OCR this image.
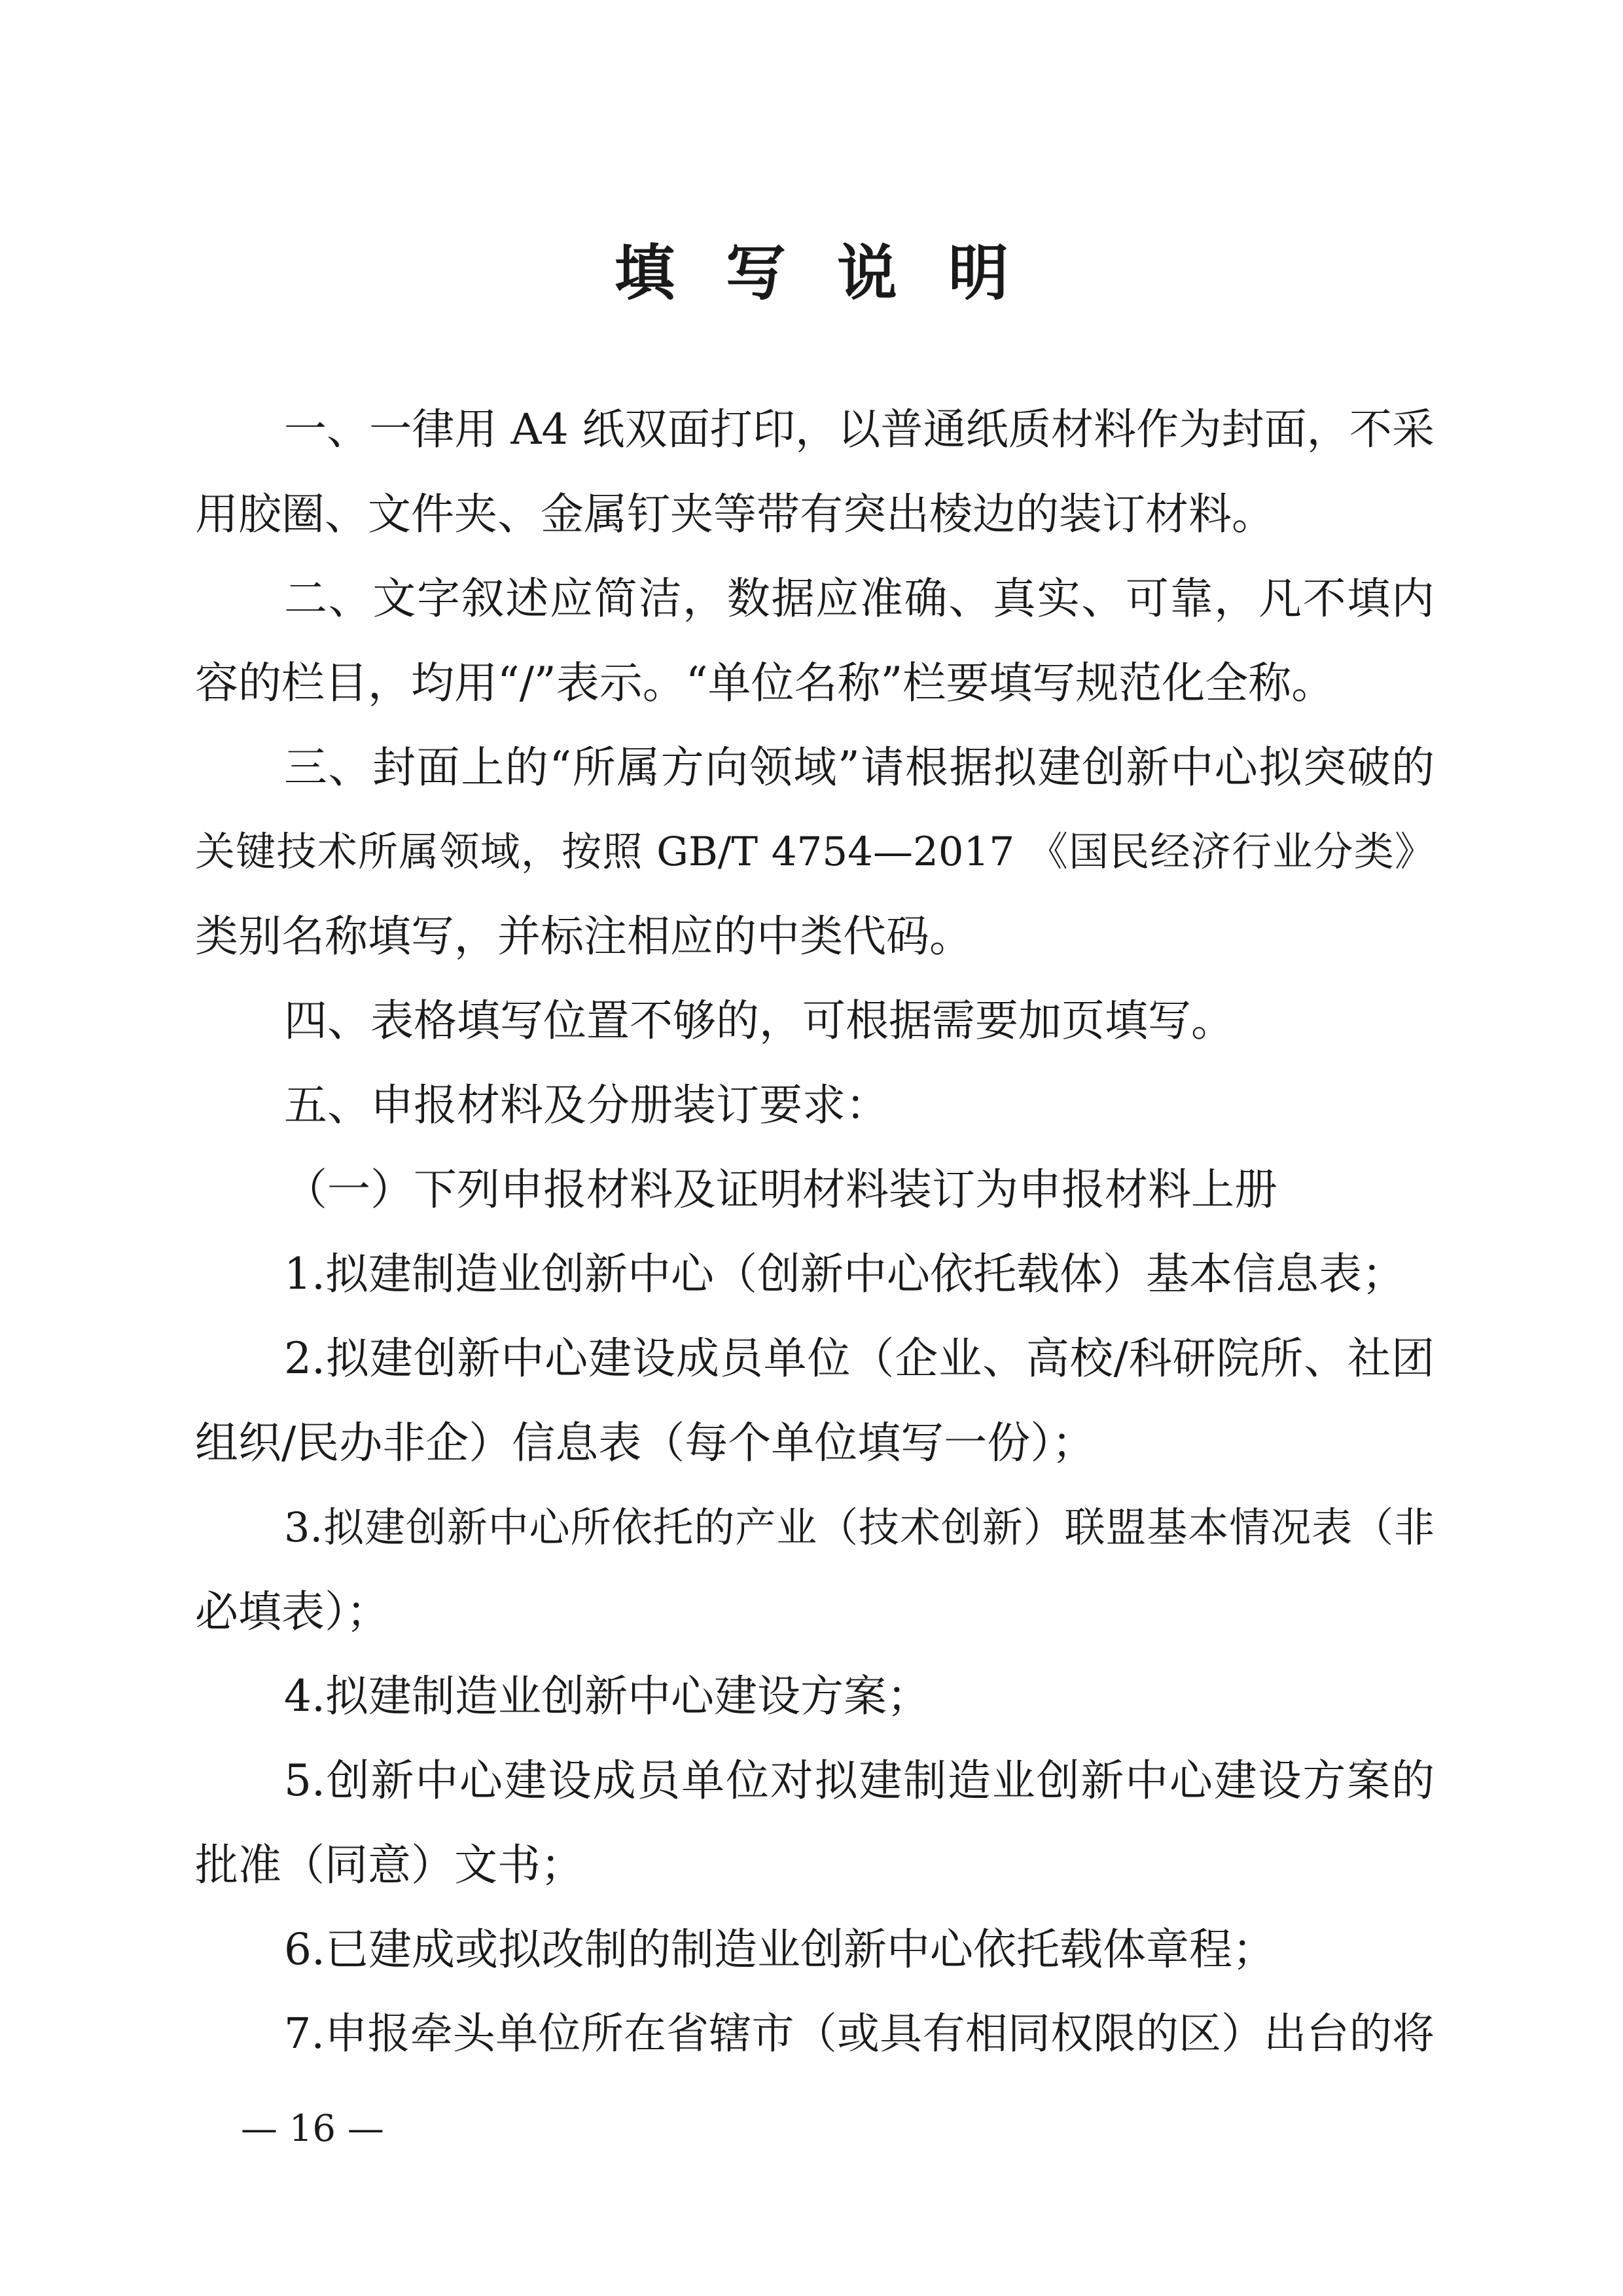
填写说明
一、一律用 A4 纸双面打印，以普通纸质材料作为封面，不采
用胶圈、文件夹、金属钉夹等带有突出棱边的装订材料。
二、文字叙述应简洁，数据应准确、真实、可靠，凡不填内
容的栏目，均用“/”表示。“单位名称”栏要填写规范化全称。
三、封面上的“所属方向领域”请根据拟建创新中心拟突破的
关键技术所属领域，按照 GB/T 4754—2017 《国民经济行业分类》
类别名称填写，并标注相应的中类代码。
四、表格填写位置不够的，可根据需要加页填写。
五、申报材料及分册装订要求：
（一）下列申报材料及证明材料装订为申报材料上册
1.拟建制造业创新中心（创新中心依托载体）基本信息表；
2.拟建创新中心建设成员单位（企业、高校/科研院所、社团
组织/民办非企）信息表（每个单位填写一份）；
3.拟建创新中心所依托的产业（技术创新）联盟基本情况表（非
必填表）；
4.拟建制造业创新中心建设方案；
5.创新中心建设成员单位对拟建制造业创新中心建设方案的
批准（同意）文书；
6.已建成或拟改制的制造业创新中心依托载体章程；
7.申报牵头单位所在省辖市（或具有相同权限的区）出台的将
— 16 —
